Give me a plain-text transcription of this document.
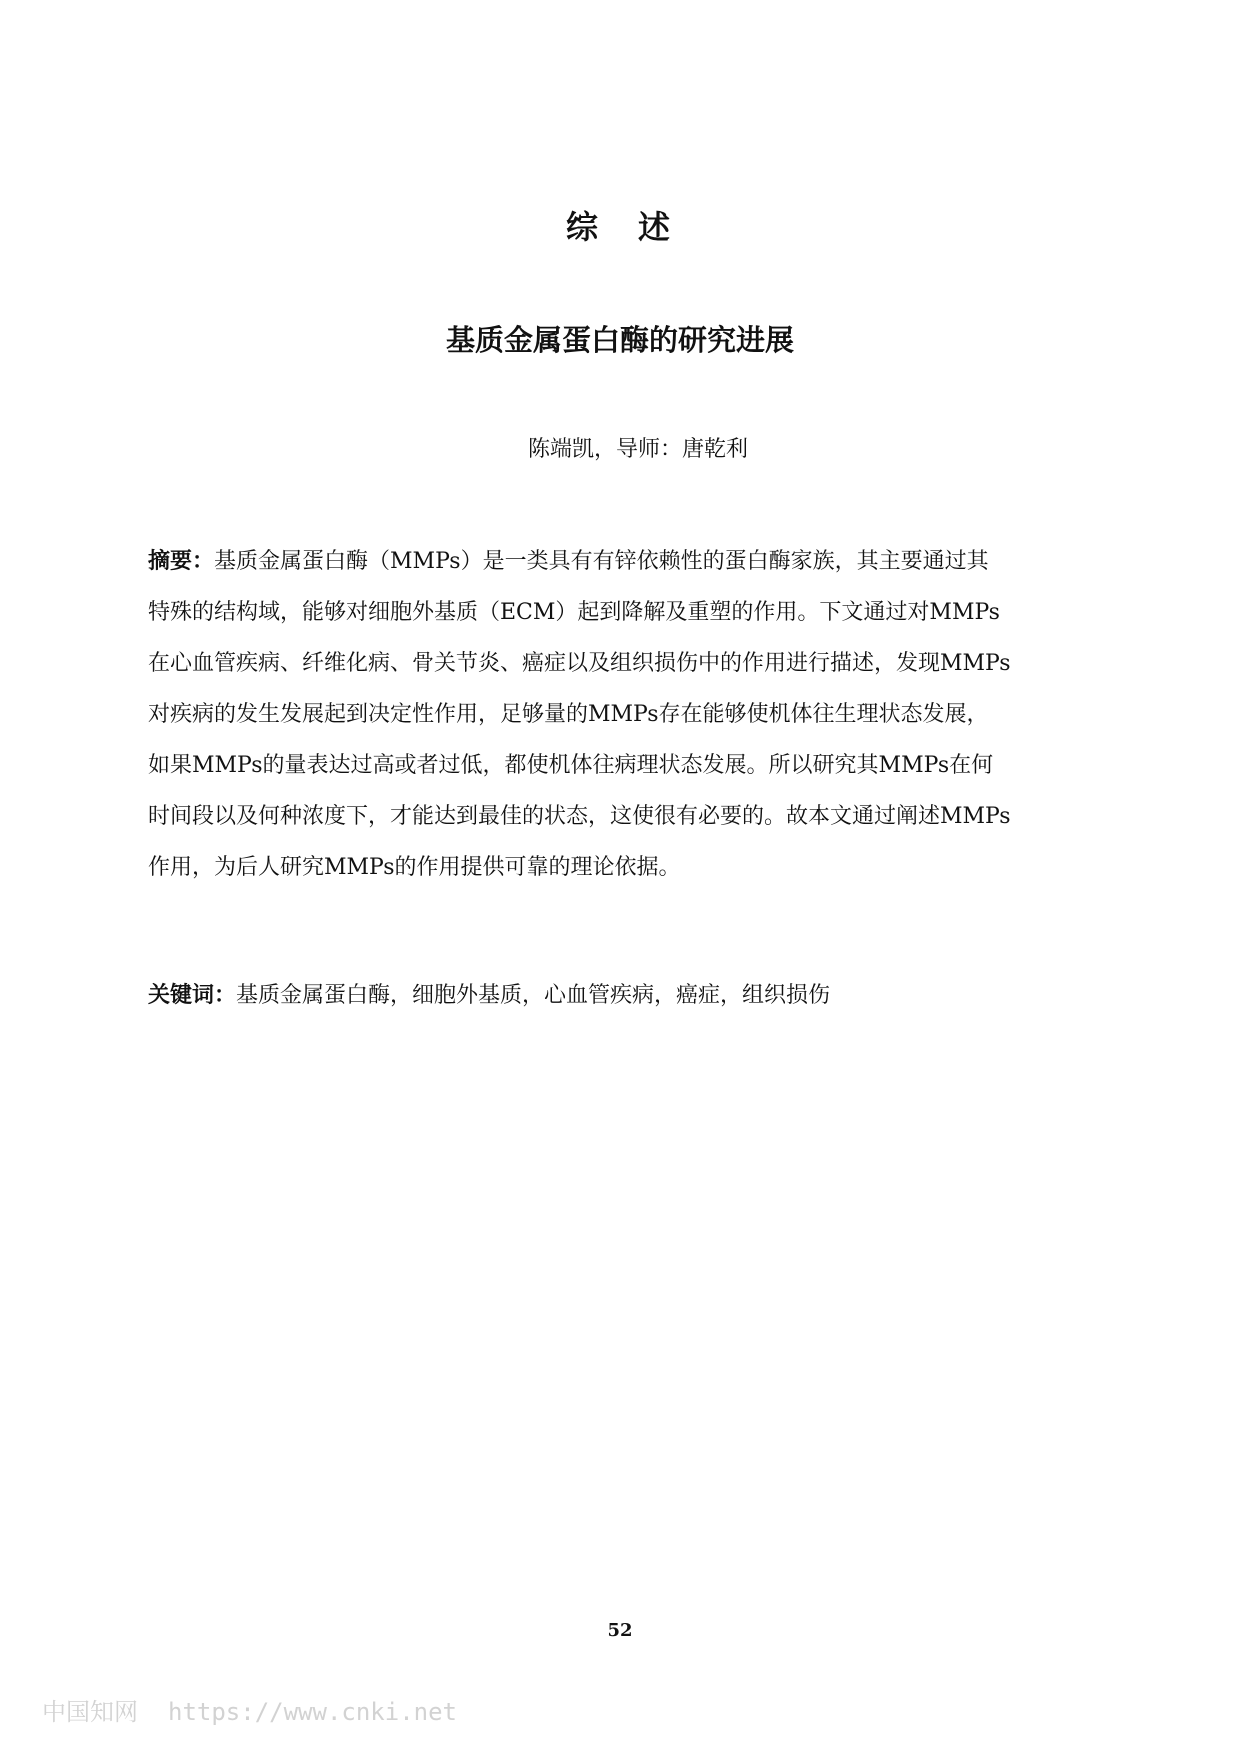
综 述
基质金属蛋白酶的研究进展
陈端凯，导师：唐乾利

摘要：基质金属蛋白酶（MMPs）是一类具有有锌依赖性的蛋白酶家族，其主要通过其
特殊的结构域，能够对细胞外基质（ECM）起到降解及重塑的作用。下文通过对MMPs
在心血管疾病、纤维化病、骨关节炎、癌症以及组织损伤中的作用进行描述，发现MMPs
对疾病的发生发展起到决定性作用，足够量的MMPs存在能够使机体往生理状态发展，
如果MMPs的量表达过高或者过低，都使机体往病理状态发展。所以研究其MMPs在何
时间段以及何种浓度下，才能达到最佳的状态，这使很有必要的。故本文通过阐述MMPs
作用，为后人研究MMPs的作用提供可靠的理论依据。

关键词：基质金属蛋白酶，细胞外基质，心血管疾病，癌症，组织损伤
52
中国知网 https://www.cnki.net
